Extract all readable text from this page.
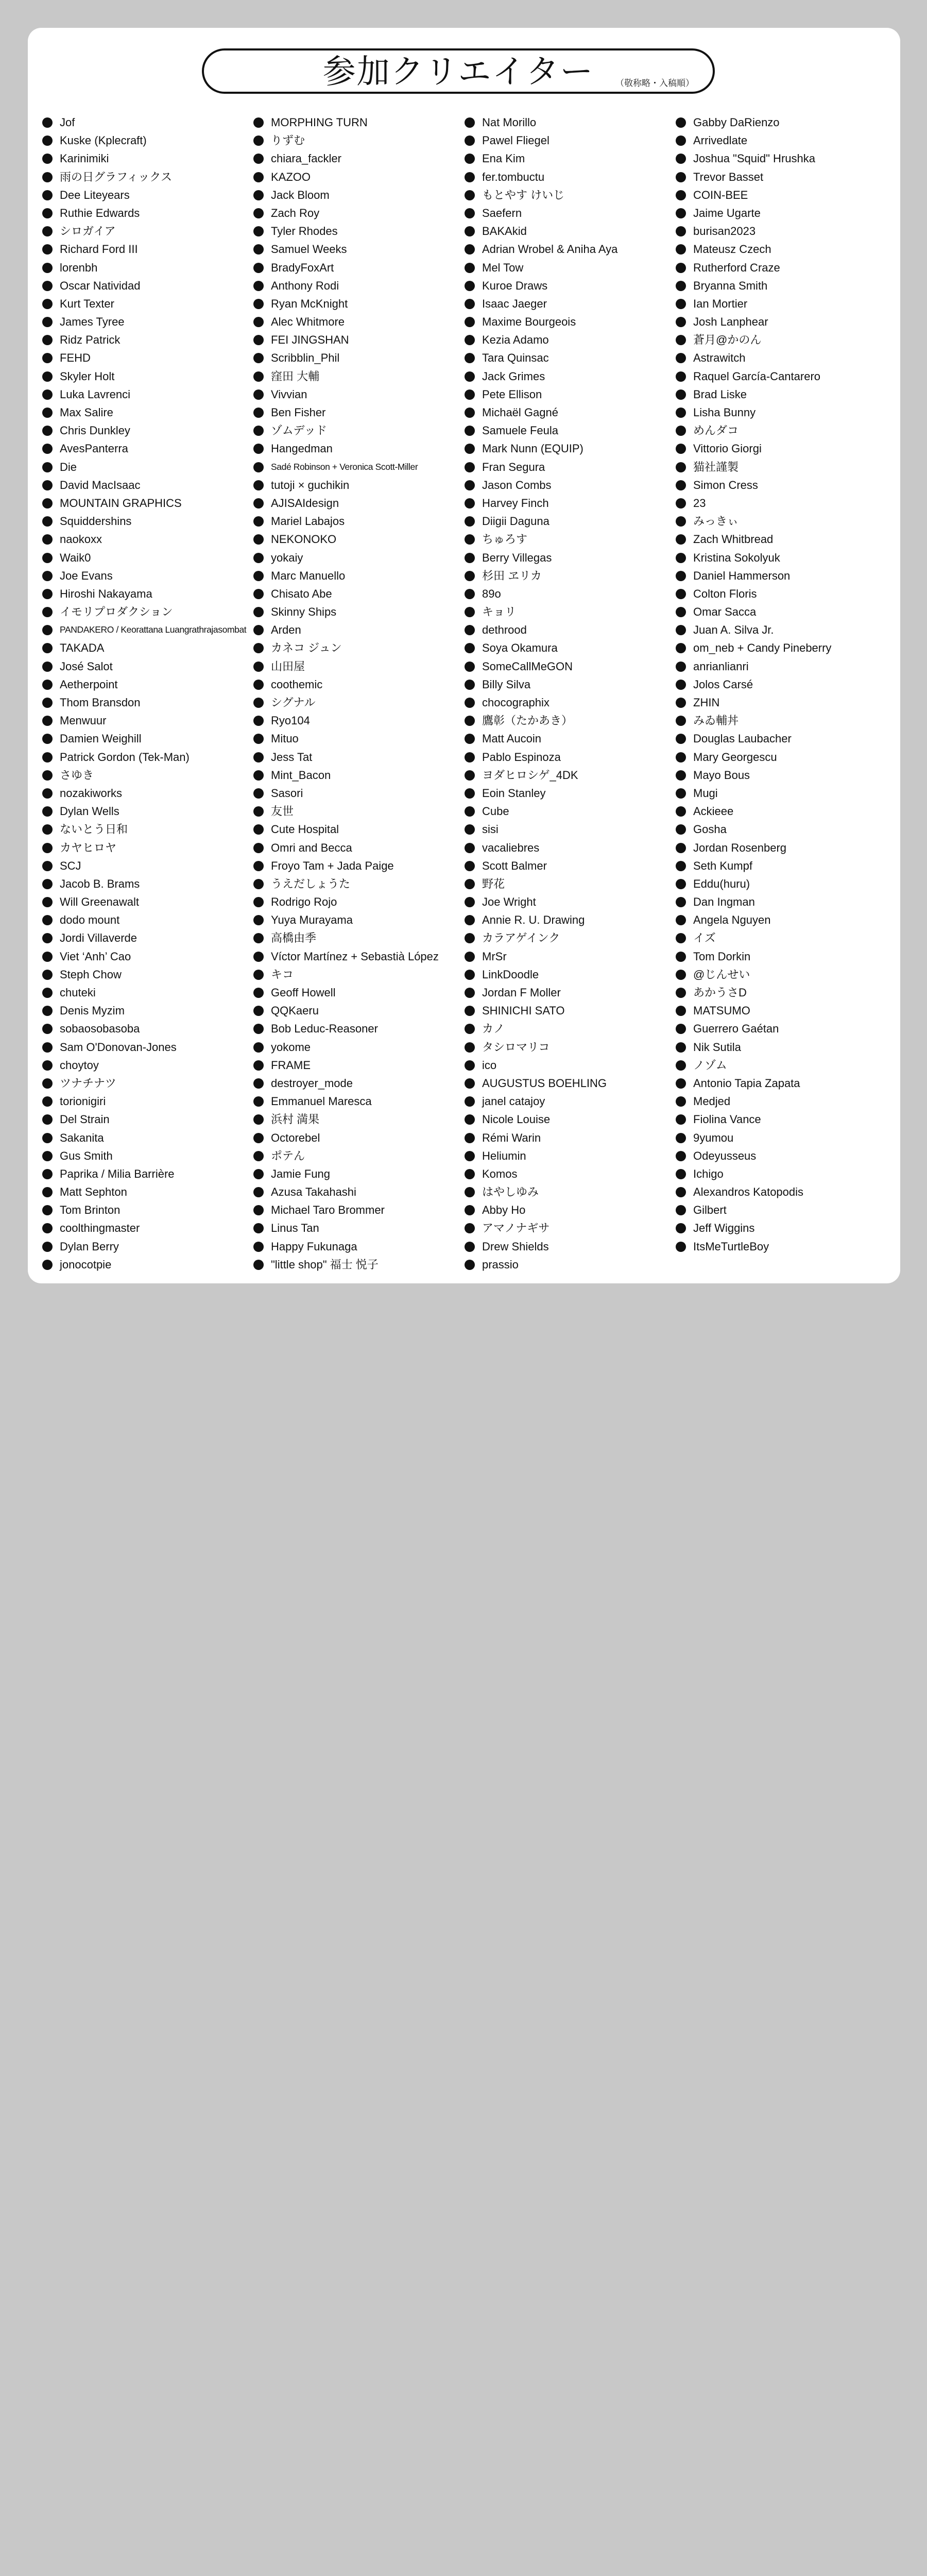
参加クリエイター	（敬称略・入稿順）
Jof
Kuske (Kplecraft)
Karinimiki
雨の日グラフィックス
Dee Liteyears
Ruthie Edwards
シロガイア
Richard Ford III
lorenbh
Oscar Natividad
Kurt Texter
James Tyree
Ridz Patrick
FEHD
Skyler Holt
Luka Lavrenci
Max Salire
Chris Dunkley
AvesPanterra
Die
David MacIsaac
MOUNTAIN GRAPHICS
Squiddershins
naokoxx
Waik0
Joe Evans
Hiroshi Nakayama
イモリプロダクション
PANDAKERO / Keorattana Luangrathrajasombat
TAKADA
José Salot
Aetherpoint
Thom Bransdon
Menwuur
Damien Weighill
Patrick Gordon (Tek-Man)
さゆき
nozakiworks
Dylan Wells
ないとう日和
カヤヒロヤ
SCJ
Jacob B. Brams
Will Greenawalt
dodo mount
Jordi Villaverde
Viet ‘Anh’ Cao
Steph Chow
chuteki
Denis Myzim
sobaosobasoba
Sam O'Donovan-Jones
choytoy
ツナチナツ
torionigiri
Del Strain
Sakanita
Gus Smith
Paprika / Milia Barrière
Matt Sephton
Tom Brinton
coolthingmaster
Dylan Berry
jonocotpie
MORPHING TURN
りずむ
chiara_fackler
KAZOO
Jack Bloom
Zach Roy
Tyler Rhodes
Samuel Weeks
BradyFoxArt
Anthony Rodi
Ryan McKnight
Alec Whitmore
FEI JINGSHAN
Scribblin_Phil
窪田 大輔
Vivvian
Ben Fisher
ゾムデッド
Hangedman
Sadé Robinson + Veronica Scott-Miller
tutoji × guchikin
AJISAIdesign
Mariel Labajos
NEKONOKO
yokaiy
Marc Manuello
Chisato Abe
Skinny Ships
Arden
カネコ ジュン
山田屋
coothemic
シグナル
Ryo104
Mituo
Jess Tat
Mint_Bacon
Sasori
友世
Cute Hospital
Omri and Becca
Froyo Tam + Jada Paige
うえだしょうた
Rodrigo Rojo
Yuya Murayama
高橋由季
Víctor Martínez + Sebastià López
キコ
Geoff Howell
QQKaeru
Bob Leduc-Reasoner
yokome
FRAME
destroyer_mode
Emmanuel Maresca
浜村 満果
Octorebel
ポテん
Jamie Fung
Azusa Takahashi
Michael Taro Brommer
Linus Tan
Happy Fukunaga
"little shop" 福士 悦子
Nat Morillo
Pawel Fliegel
Ena Kim
fer.tombuctu
もとやす けいじ
Saefern
BAKAkid
Adrian Wrobel & Aniha Aya
Mel Tow
Kuroe Draws
Isaac Jaeger
Maxime Bourgeois
Kezia Adamo
Tara Quinsac
Jack Grimes
Pete Ellison
Michaël Gagné
Samuele Feula
Mark Nunn (EQUIP)
Fran Segura
Jason Combs
Harvey Finch
Diigii Daguna
ちゅろす
Berry Villegas
杉田 ヱリカ
89o
キョリ
dethrood
Soya Okamura
SomeCallMeGON
Billy Silva
chocographix
鷹彰（たかあき）
Matt Aucoin
Pablo Espinoza
ヨダヒロシゲ_4DK
Eoin Stanley
Cube
sisi
vacaliebres
Scott Balmer
野花
Joe Wright
Annie R. U. Drawing
カラアゲインク
MrSr
LinkDoodle
Jordan F Moller
SHINICHI SATO
カノ
タシロマリコ
ico
AUGUSTUS BOEHLING
janel catajoy
Nicole Louise
Rémi Warin
Heliumin
Komos
はやしゆみ
Abby Ho
アマノナギサ
Drew Shields
prassio
Gabby DaRienzo
Arrivedlate
Joshua "Squid" Hrushka
Trevor Basset
COIN-BEE
Jaime Ugarte
burisan2023
Mateusz Czech
Rutherford Craze
Bryanna Smith
Ian Mortier
Josh Lanphear
蒼月@かのん
Astrawitch
Raquel García-Cantarero
Brad Liske
Lisha Bunny
めんダコ
Vittorio Giorgi
猫社謹製
Simon Cress
23
みっきぃ
Zach Whitbread
Kristina Sokolyuk
Daniel Hammerson
Colton Floris
Omar Sacca
Juan A. Silva Jr.
om_neb + Candy Pineberry
anrianlianri
Jolos Carsé
ZHIN
みゐ輔丼
Douglas Laubacher
Mary Georgescu
Mayo Bous
Mugi
Ackieee
Gosha
Jordan Rosenberg
Seth Kumpf
Eddu(huru)
Dan Ingman
Angela Nguyen
イズ
Tom Dorkin
@じんせい
あかうさD
MATSUMO
Guerrero Gaétan
Nik Sutila
ノゾム
Antonio Tapia Zapata
Medjed
Fiolina Vance
9yumou
Odeyusseus
Ichigo
Alexandros Katopodis
Gilbert
Jeff Wiggins
ItsMeTurtleBoy
